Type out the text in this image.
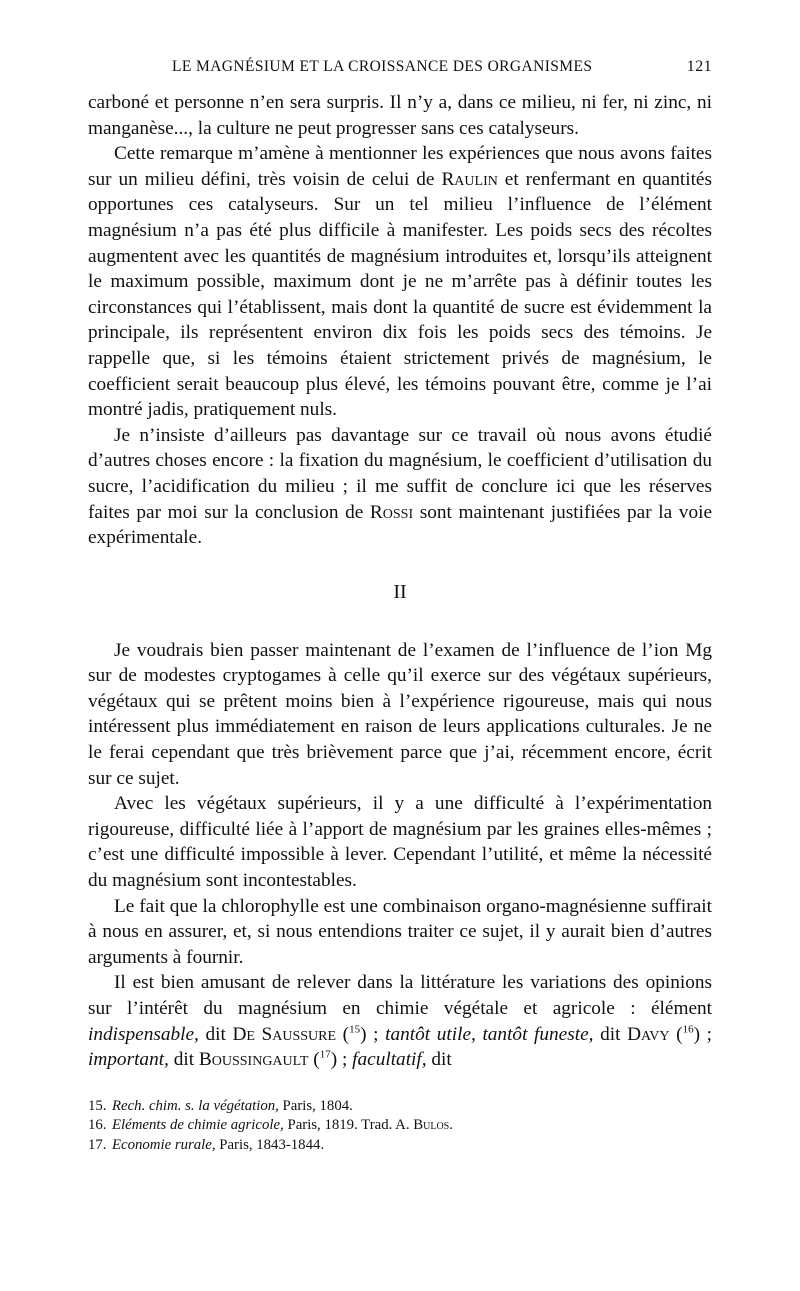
LE MAGNÉSIUM ET LA CROISSANCE DES ORGANISMES	121

carboné et personne n’en sera surpris. Il n’y a, dans ce milieu, ni fer, ni zinc, ni manganèse..., la culture ne peut progresser sans ces catalyseurs.

Cette remarque m’amène à mentionner les expériences que nous avons faites sur un milieu défini, très voisin de celui de Raulin et renfermant en quantités opportunes ces catalyseurs. Sur un tel milieu l’influence de l’élément magnésium n’a pas été plus difficile à manifester. Les poids secs des récoltes augmentent avec les quantités de magnésium introduites et, lorsqu’ils atteignent le maximum possible, maximum dont je ne m’arrête pas à définir toutes les circonstances qui l’établissent, mais dont la quantité de sucre est évidemment la principale, ils représentent environ dix fois les poids secs des témoins. Je rappelle que, si les témoins étaient strictement privés de magnésium, le coefficient serait beaucoup plus élevé, les témoins pouvant être, comme je l’ai montré jadis, pratiquement nuls.

Je n’insiste d’ailleurs pas davantage sur ce travail où nous avons étudié d’autres choses encore : la fixation du magnésium, le coefficient d’utilisation du sucre, l’acidification du milieu ; il me suffit de conclure ici que les réserves faites par moi sur la conclusion de Rossi sont maintenant justifiées par la voie expérimentale.

II

Je voudrais bien passer maintenant de l’examen de l’influence de l’ion Mg sur de modestes cryptogames à celle qu’il exerce sur des végétaux supérieurs, végétaux qui se prêtent moins bien à l’expérience rigoureuse, mais qui nous intéressent plus immédiatement en raison de leurs applications culturales. Je ne le ferai cependant que très brièvement parce que j’ai, récemment encore, écrit sur ce sujet.

Avec les végétaux supérieurs, il y a une difficulté à l’expérimentation rigoureuse, difficulté liée à l’apport de magnésium par les graines elles-mêmes ; c’est une difficulté impossible à lever. Cependant l’utilité, et même la nécessité du magnésium sont incontestables.

Le fait que la chlorophylle est une combinaison organo-magnésienne suffirait à nous en assurer, et, si nous entendions traiter ce sujet, il y aurait bien d’autres arguments à fournir.

Il est bien amusant de relever dans la littérature les variations des opinions sur l’intérêt du magnésium en chimie végétale et agricole : élément indispensable, dit De Saussure ($^{15}$) ; tantôt utile, tantôt funeste, dit Davy ($^{16}$) ; important, dit Boussingault ($^{17}$) ; facultatif, dit

15. Rech. chim. s. la végétation, Paris, 1804.
16. Eléments de chimie agricole, Paris, 1819. Trad. A. Bulos.
17. Economie rurale, Paris, 1843-1844.
